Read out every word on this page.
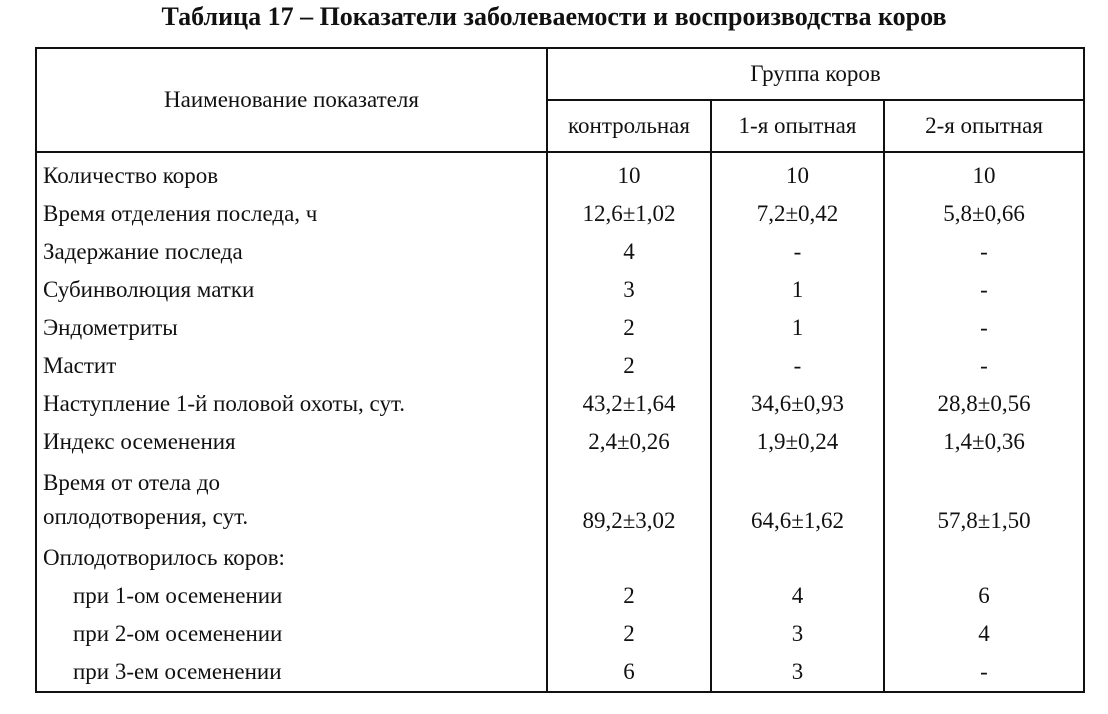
Таблица 17 – Показатели заболеваемости и воспроизводства коров
Наименование показателя	Группа коров		
	контрольная	1-я опытная	2-я опытная
Количество коров	10	10	10
Время отделения последа, ч	12,6±1,02	7,2±0,42	5,8±0,66
Задержание последа	4	-	-
Субинволюция матки	3	1	-
Эндометриты	2	1	-
Мастит	2	-	-
Наступление 1-й половой охоты, сут.	43,2±1,64	34,6±0,93	28,8±0,56
Индекс осеменения	2,4±0,26	1,9±0,24	1,4±0,36

Время от отела до
оплодотворения, сут.	89,2±3,02	64,6±1,62	57,8±1,50
Оплодотворилось коров:			
при 1-ом осеменении	2	4	6
при 2-ом осеменении	2	3	4
при 3-ем осеменении	6	3	-
